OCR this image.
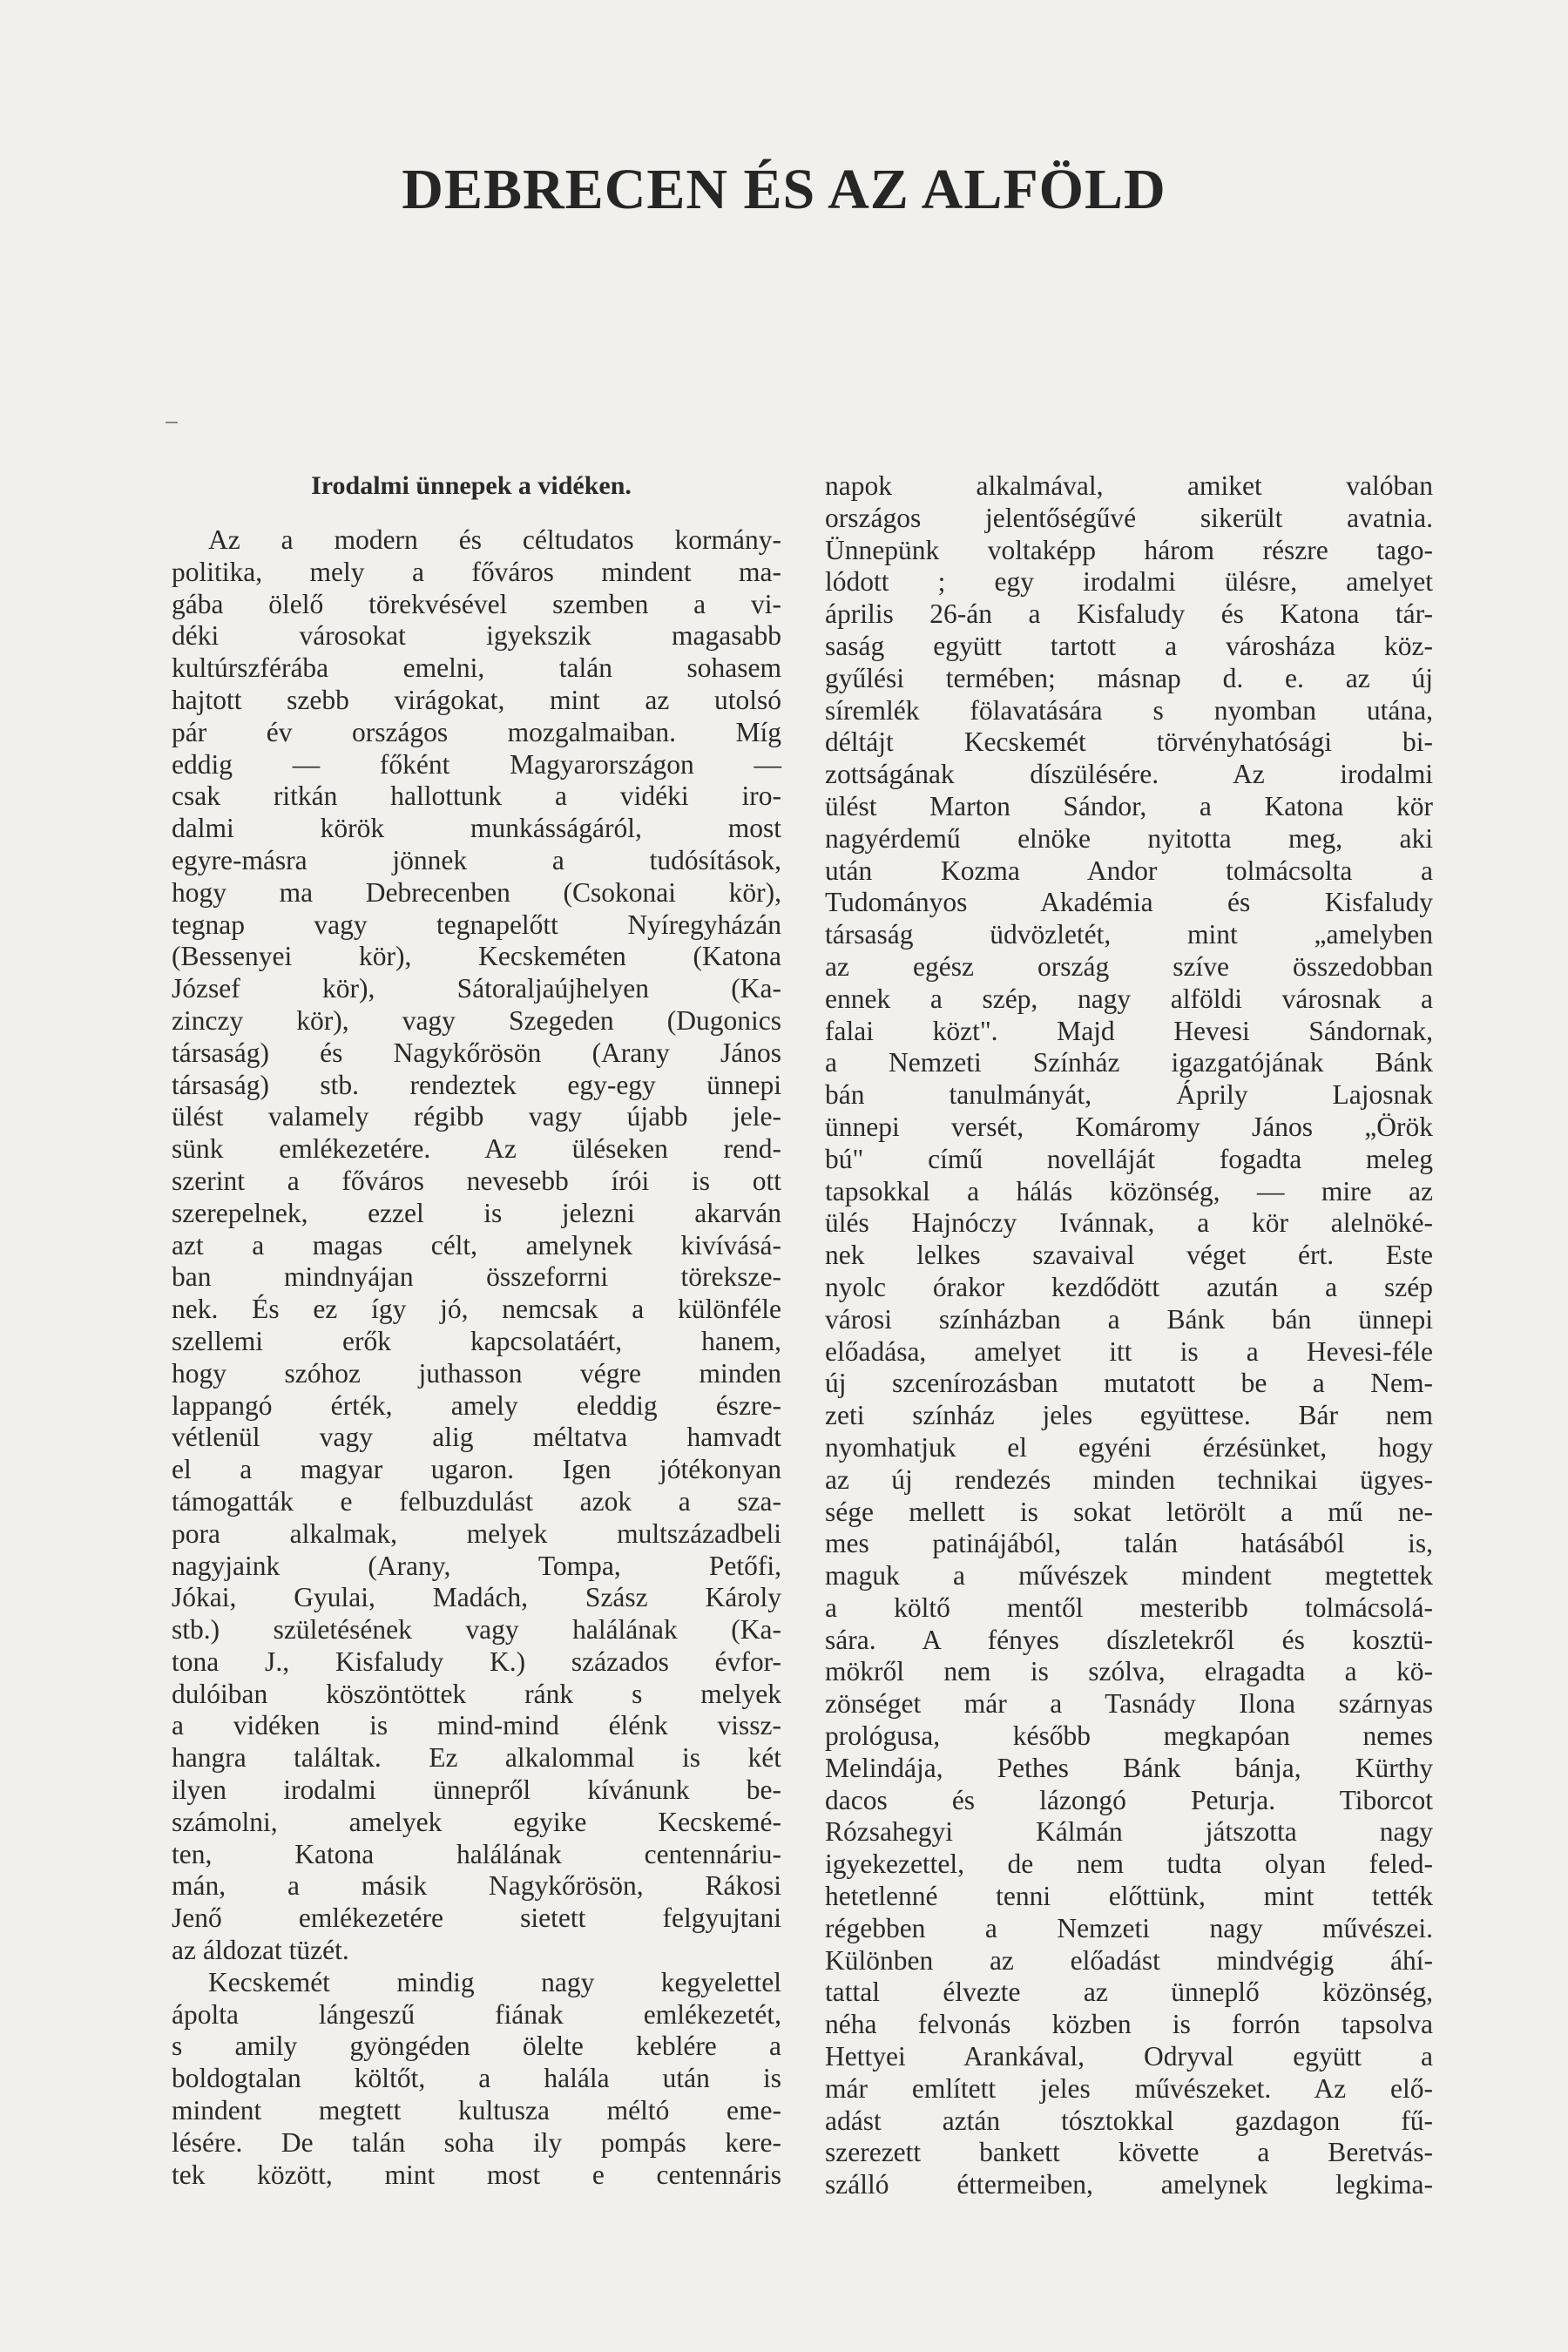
DEBRECEN ÉS AZ ALFÖLD
Irodalmi ünnepek a vidéken.
Az a modern és céltudatos kormány-
politika, mely a főváros mindent ma-
gába ölelő törekvésével szemben a vi-
déki városokat igyekszik magasabb
kultúrszférába emelni, talán sohasem
hajtott szebb virágokat, mint az utolsó
pár év országos mozgalmaiban. Míg
eddig — főként Magyarországon —
csak ritkán hallottunk a vidéki iro-
dalmi körök munkásságáról, most
egyre-másra jönnek a tudósítások,
hogy ma Debrecenben (Csokonai kör),
tegnap vagy tegnapelőtt Nyíregyházán
(Bessenyei kör), Kecskeméten (Katona
József kör), Sátoraljaújhelyen (Ka-
zinczy kör), vagy Szegeden (Dugonics
társaság) és Nagykőrösön (Arany János
társaság) stb. rendeztek egy-egy ünnepi
ülést valamely régibb vagy újabb jele-
sünk emlékezetére. Az üléseken rend-
szerint a főváros nevesebb írói is ott
szerepelnek, ezzel is jelezni akarván
azt a magas célt, amelynek kivívásá-
ban mindnyájan összeforrni töreksze-
nek. És ez így jó, nemcsak a különféle
szellemi erők kapcsolatáért, hanem,
hogy szóhoz juthasson végre minden
lappangó érték, amely eleddig észre-
vétlenül vagy alig méltatva hamvadt
el a magyar ugaron. Igen jótékonyan
támogatták e felbuzdulást azok a sza-
pora alkalmak, melyek multszázadbeli
nagyjaink (Arany, Tompa, Petőfi,
Jókai, Gyulai, Madách, Szász Károly
stb.) születésének vagy halálának (Ka-
tona J., Kisfaludy K.) százados évfor-
dulóiban köszöntöttek ránk s melyek
a vidéken is mind-mind élénk vissz-
hangra találtak. Ez alkalommal is két
ilyen irodalmi ünnepről kívánunk be-
számolni, amelyek egyike Kecskemé-
ten, Katona halálának centennáriu-
mán, a másik Nagykőrösön, Rákosi
Jenő emlékezetére sietett felgyujtani
az áldozat tüzét.
Kecskemét mindig nagy kegyelettel
ápolta lángeszű fiának emlékezetét,
s amily gyöngéden ölelte keblére a
boldogtalan költőt, a halála után is
mindent megtett kultusza méltó eme-
lésére. De talán soha ily pompás kere-
tek között, mint most e centennáris
napok alkalmával, amiket valóban
országos jelentőségűvé sikerült avatnia.
Ünnepünk voltaképp három részre tago-
lódott ; egy irodalmi ülésre, amelyet
április 26-án a Kisfaludy és Katona tár-
saság együtt tartott a városháza köz-
gyűlési termében; másnap d. e. az új
síremlék fölavatására s nyomban utána,
déltájt Kecskemét törvényhatósági bi-
zottságának díszülésére. Az irodalmi
ülést Marton Sándor, a Katona kör
nagyérdemű elnöke nyitotta meg, aki
után Kozma Andor tolmácsolta a
Tudományos Akadémia és Kisfaludy
társaság üdvözletét, mint „amelyben
az egész ország szíve összedobban
ennek a szép, nagy alföldi városnak a
falai közt". Majd Hevesi Sándornak,
a Nemzeti Színház igazgatójának Bánk
bán tanulmányát, Áprily Lajosnak
ünnepi versét, Komáromy János „Örök
bú" című novelláját fogadta meleg
tapsokkal a hálás közönség, — mire az
ülés Hajnóczy Ivánnak, a kör alelnöké-
nek lelkes szavaival véget ért. Este
nyolc órakor kezdődött azután a szép
városi színházban a Bánk bán ünnepi
előadása, amelyet itt is a Hevesi-féle
új szcenírozásban mutatott be a Nem-
zeti színház jeles együttese. Bár nem
nyomhatjuk el egyéni érzésünket, hogy
az új rendezés minden technikai ügyes-
sége mellett is sokat letörölt a mű ne-
mes patinájából, talán hatásából is,
maguk a művészek mindent megtettek
a költő mentől mesteribb tolmácsolá-
sára. A fényes díszletekről és kosztü-
mökről nem is szólva, elragadta a kö-
zönséget már a Tasnády Ilona szárnyas
prológusa, később megkapóan nemes
Melindája, Pethes Bánk bánja, Kürthy
dacos és lázongó Peturja. Tiborcot
Rózsahegyi Kálmán játszotta nagy
igyekezettel, de nem tudta olyan feled-
hetetlenné tenni előttünk, mint tették
régebben a Nemzeti nagy művészei.
Különben az előadást mindvégig áhí-
tattal élvezte az ünneplő közönség,
néha felvonás közben is forrón tapsolva
Hettyei Arankával, Odryval együtt a
már említett jeles művészeket. Az elő-
adást aztán tósztokkal gazdagon fű-
szerezett bankett követte a Beretvás-
szálló éttermeiben, amelynek legkima-
